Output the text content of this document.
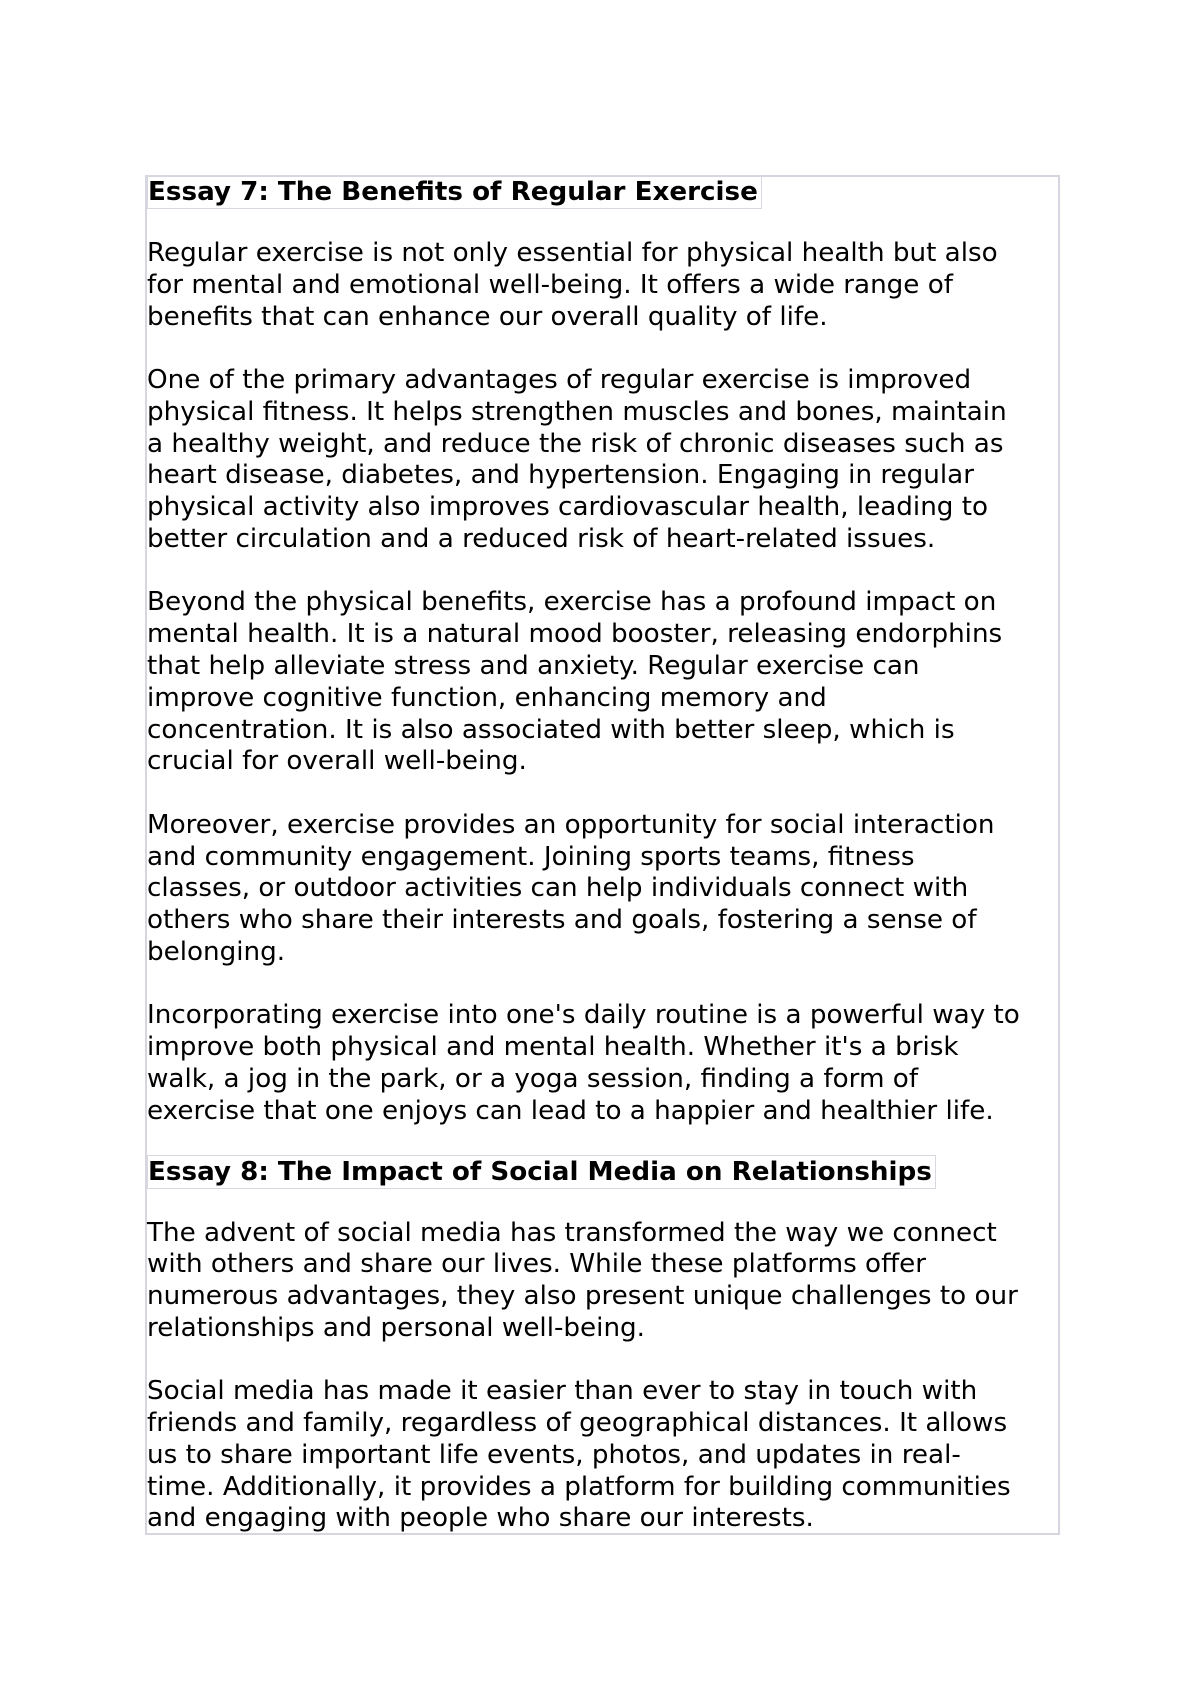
Essay 7: The Benefits of Regular Exercise

Regular exercise is not only essential for physical health but also
for mental and emotional well-being. It offers a wide range of
benefits that can enhance our overall quality of life.

One of the primary advantages of regular exercise is improved
physical fitness. It helps strengthen muscles and bones, maintain
a healthy weight, and reduce the risk of chronic diseases such as
heart disease, diabetes, and hypertension. Engaging in regular
physical activity also improves cardiovascular health, leading to
better circulation and a reduced risk of heart-related issues.

Beyond the physical benefits, exercise has a profound impact on
mental health. It is a natural mood booster, releasing endorphins
that help alleviate stress and anxiety. Regular exercise can
improve cognitive function, enhancing memory and
concentration. It is also associated with better sleep, which is
crucial for overall well-being.

Moreover, exercise provides an opportunity for social interaction
and community engagement. Joining sports teams, fitness
classes, or outdoor activities can help individuals connect with
others who share their interests and goals, fostering a sense of
belonging.

Incorporating exercise into one's daily routine is a powerful way to
improve both physical and mental health. Whether it's a brisk
walk, a jog in the park, or a yoga session, finding a form of
exercise that one enjoys can lead to a happier and healthier life.

Essay 8: The Impact of Social Media on Relationships

The advent of social media has transformed the way we connect
with others and share our lives. While these platforms offer
numerous advantages, they also present unique challenges to our
relationships and personal well-being.

Social media has made it easier than ever to stay in touch with
friends and family, regardless of geographical distances. It allows
us to share important life events, photos, and updates in real-
time. Additionally, it provides a platform for building communities
and engaging with people who share our interests.
